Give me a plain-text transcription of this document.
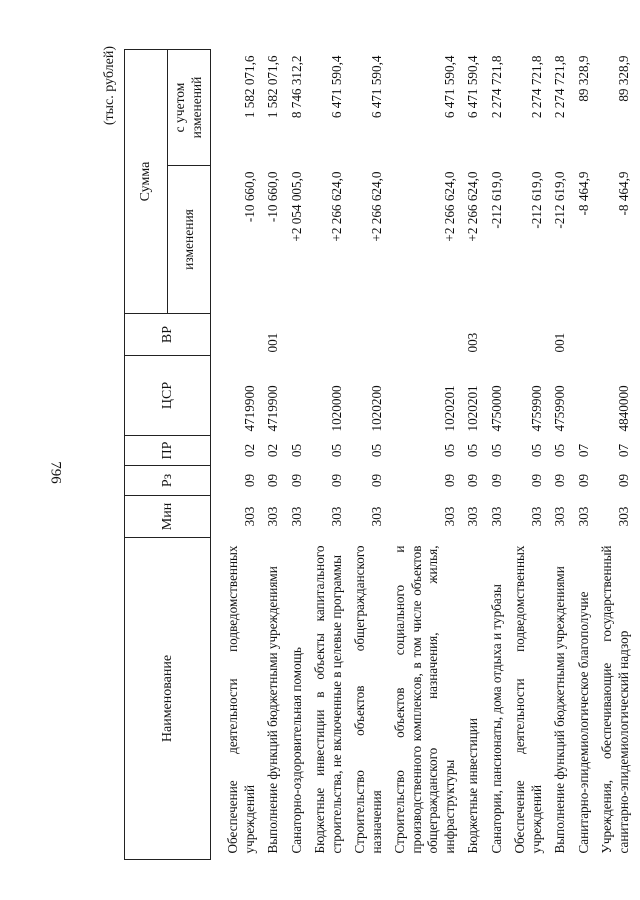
796
(тыс. рублей)
Наименование	Мин	Рз	ПР	ЦСР	ВР	Сумма	
						изменения	с учетом изменений
Обеспечение деятельности подведомственных учреждений	303	09	02	4719900		-10 660,0	1 582 071,6
Выполнение функций бюджетными учреждениями	303	09	02	4719900	001	-10 660,0	1 582 071,6
Санаторно-оздоровительная помощь	303	09	05			+2 054 005,0	8 746 312,2
Бюджетные инвестиции в объекты капитального строительства, не включенные в целевые программы	303	09	05	1020000		+2 266 624,0	6 471 590,4
Строительство объектов общегражданского назначения	303	09	05	1020200		+2 266 624,0	6 471 590,4
Строительство объектов социального и производственного комплексов, в том числе объектов общегражданского назначения, жилья, инфраструктуры	303	09	05	1020201		+2 266 624,0	6 471 590,4
Бюджетные инвестиции	303	09	05	1020201	003	+2 266 624,0	6 471 590,4
Санатории, пансионаты, дома отдыха и турбазы	303	09	05	4750000		-212 619,0	2 274 721,8
Обеспечение деятельности подведомственных учреждений	303	09	05	4759900		-212 619,0	2 274 721,8
Выполнение функций бюджетными учреждениями	303	09	05	4759900	001	-212 619,0	2 274 721,8
Санитарно-эпидемиологическое благополучие	303	09	07			-8 464,9	89 328,9
Учреждения, обеспечивающие государственный санитарно-эпидемиологический надзор	303	09	07	4840000		-8 464,9	89 328,9
